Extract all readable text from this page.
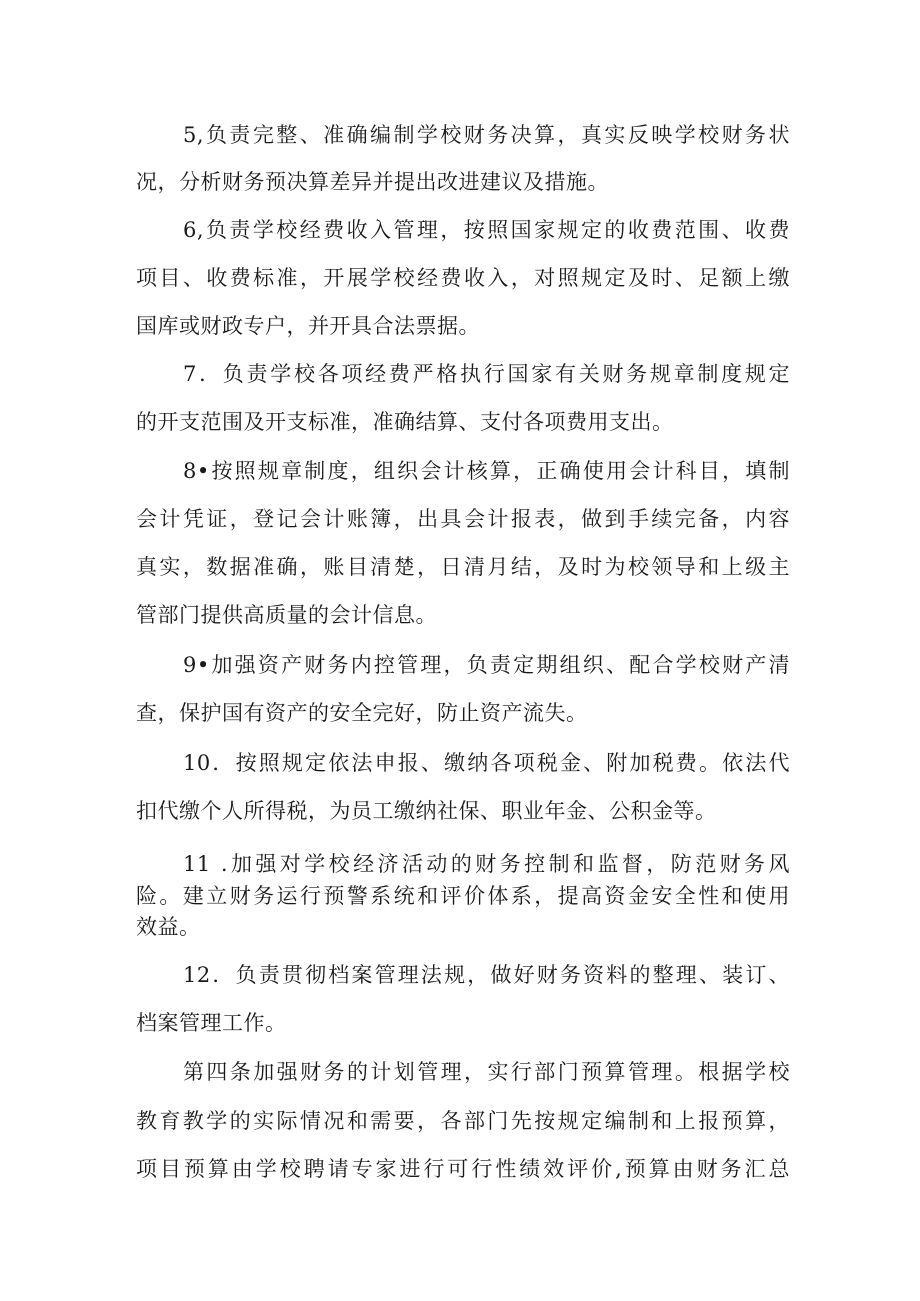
5,负责完整、准确编制学校财务决算，真实反映学校财务状
况，分析财务预决算差异并提出改进建议及措施。
6,负责学校经费收入管理，按照国家规定的收费范围、收费
项目、收费标准，开展学校经费收入，对照规定及时、足额上缴
国库或财政专户，并开具合法票据。
7．负责学校各项经费严格执行国家有关财务规章制度规定
的开支范围及开支标准，准确结算、支付各项费用支出。
8•按照规章制度，组织会计核算，正确使用会计科目，填制
会计凭证，登记会计账簿，出具会计报表，做到手续完备，内容
真实，数据准确，账目清楚，日清月结，及时为校领导和上级主
管部门提供高质量的会计信息。
9•加强资产财务内控管理，负责定期组织、配合学校财产清
查，保护国有资产的安全完好，防止资产流失。
10．按照规定依法申报、缴纳各项税金、附加税费。依法代
扣代缴个人所得税，为员工缴纳社保、职业年金、公积金等。
11 .加强对学校经济活动的财务控制和监督，防范财务风
险。建立财务运行预警系统和评价体系，提高资金安全性和使用
效益。
12．负责贯彻档案管理法规，做好财务资料的整理、装订、
档案管理工作。
第四条加强财务的计划管理，实行部门预算管理。根据学校
教育教学的实际情况和需要，各部门先按规定编制和上报预算，
项目预算由学校聘请专家进行可行性绩效评价,预算由财务汇总
